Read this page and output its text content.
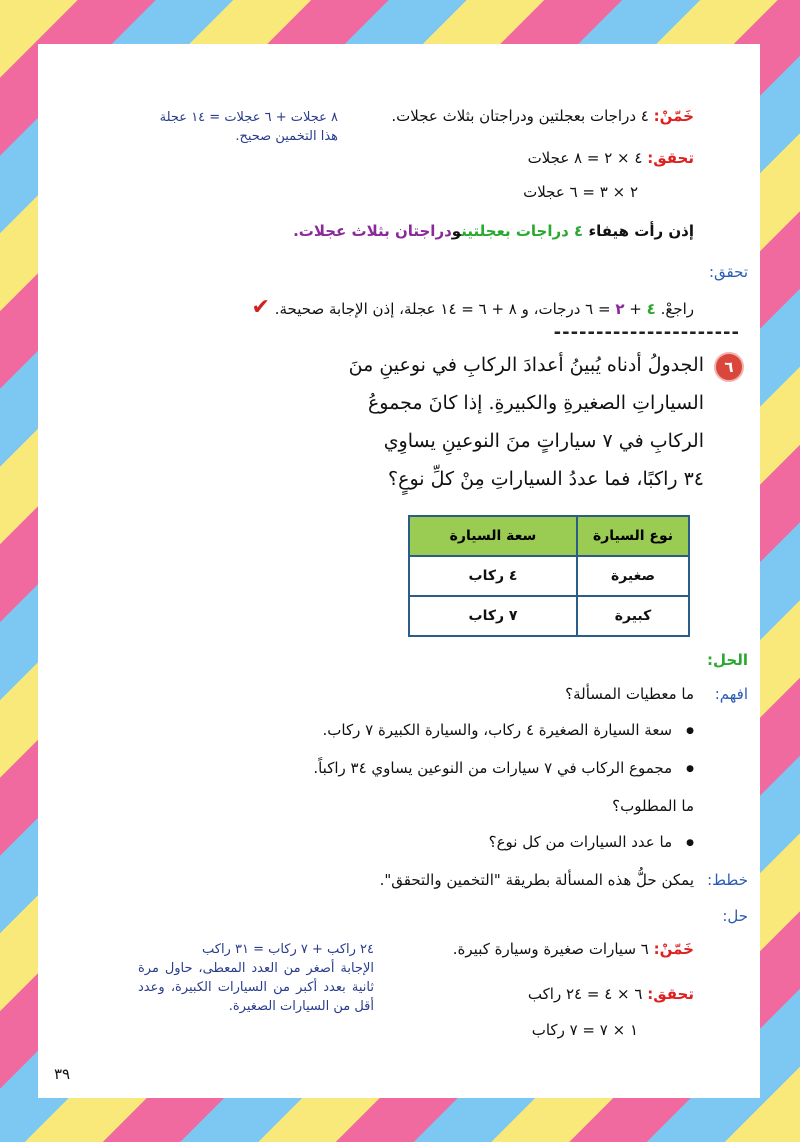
خَمّنْ: ٤ دراجات بعجلتين ودراجتان بثلاث عجلات.
٨ عجلات + ٦ عجلات = ١٤ عجلة
هذا التخمين صحيح.
تحقق: ٤ × ٢ = ٨ عجلات
٢ × ٣ = ٦ عجلات
إذن رأت هيفاء ٤ دراجات بعجلتينودراجتان بثلاث عجلات.
تحقق:
راجعْ. ٤ + ٢ = ٦ درجات، و ٨ + ٦ = ١٤ عجلة، إذن الإجابة صحيحة. ✔
----------------------
٦
الجدولُ أدناه يُبينُ أعدادَ الركابِ في نوعينِ منَ
السياراتِ الصغيرةِ والكبيرةِ. إذا كانَ مجموعُ
الركابِ في ٧ سياراتٍ منَ النوعينِ يساوِي
٣٤ راكبًا، فما عددُ السياراتِ مِنْ كلِّ نوعٍ؟
نوع السيارة	سعة السيارة
صغيرة	٤ ركاب
كبيرة	٧ ركاب
الحل:
افهم:
ما معطيات المسألة؟
● سعة السيارة الصغيرة ٤ ركاب، والسيارة الكبيرة ٧ ركاب.
● مجموع الركاب في ٧ سيارات من النوعين يساوي ٣٤ راكباً.
ما المطلوب؟
● ما عدد السيارات من كل نوع؟
خطط:
يمكن حلُّ هذه المسألة بطريقة "التخمين والتحقق".
حل:
خَمّنْ: ٦ سيارات صغيرة وسيارة كبيرة.
تحقق: ٦ × ٤ = ٢٤ راكب
١ × ٧ = ٧ ركاب
٢٤ راكب + ٧ ركاب = ٣١ راكب
الإجابة أصغر من العدد المعطى، حاول مرة ثانية بعدد أكبر من السيارات الكبيرة، وعدد أقل من السيارات الصغيرة.
٣٩
